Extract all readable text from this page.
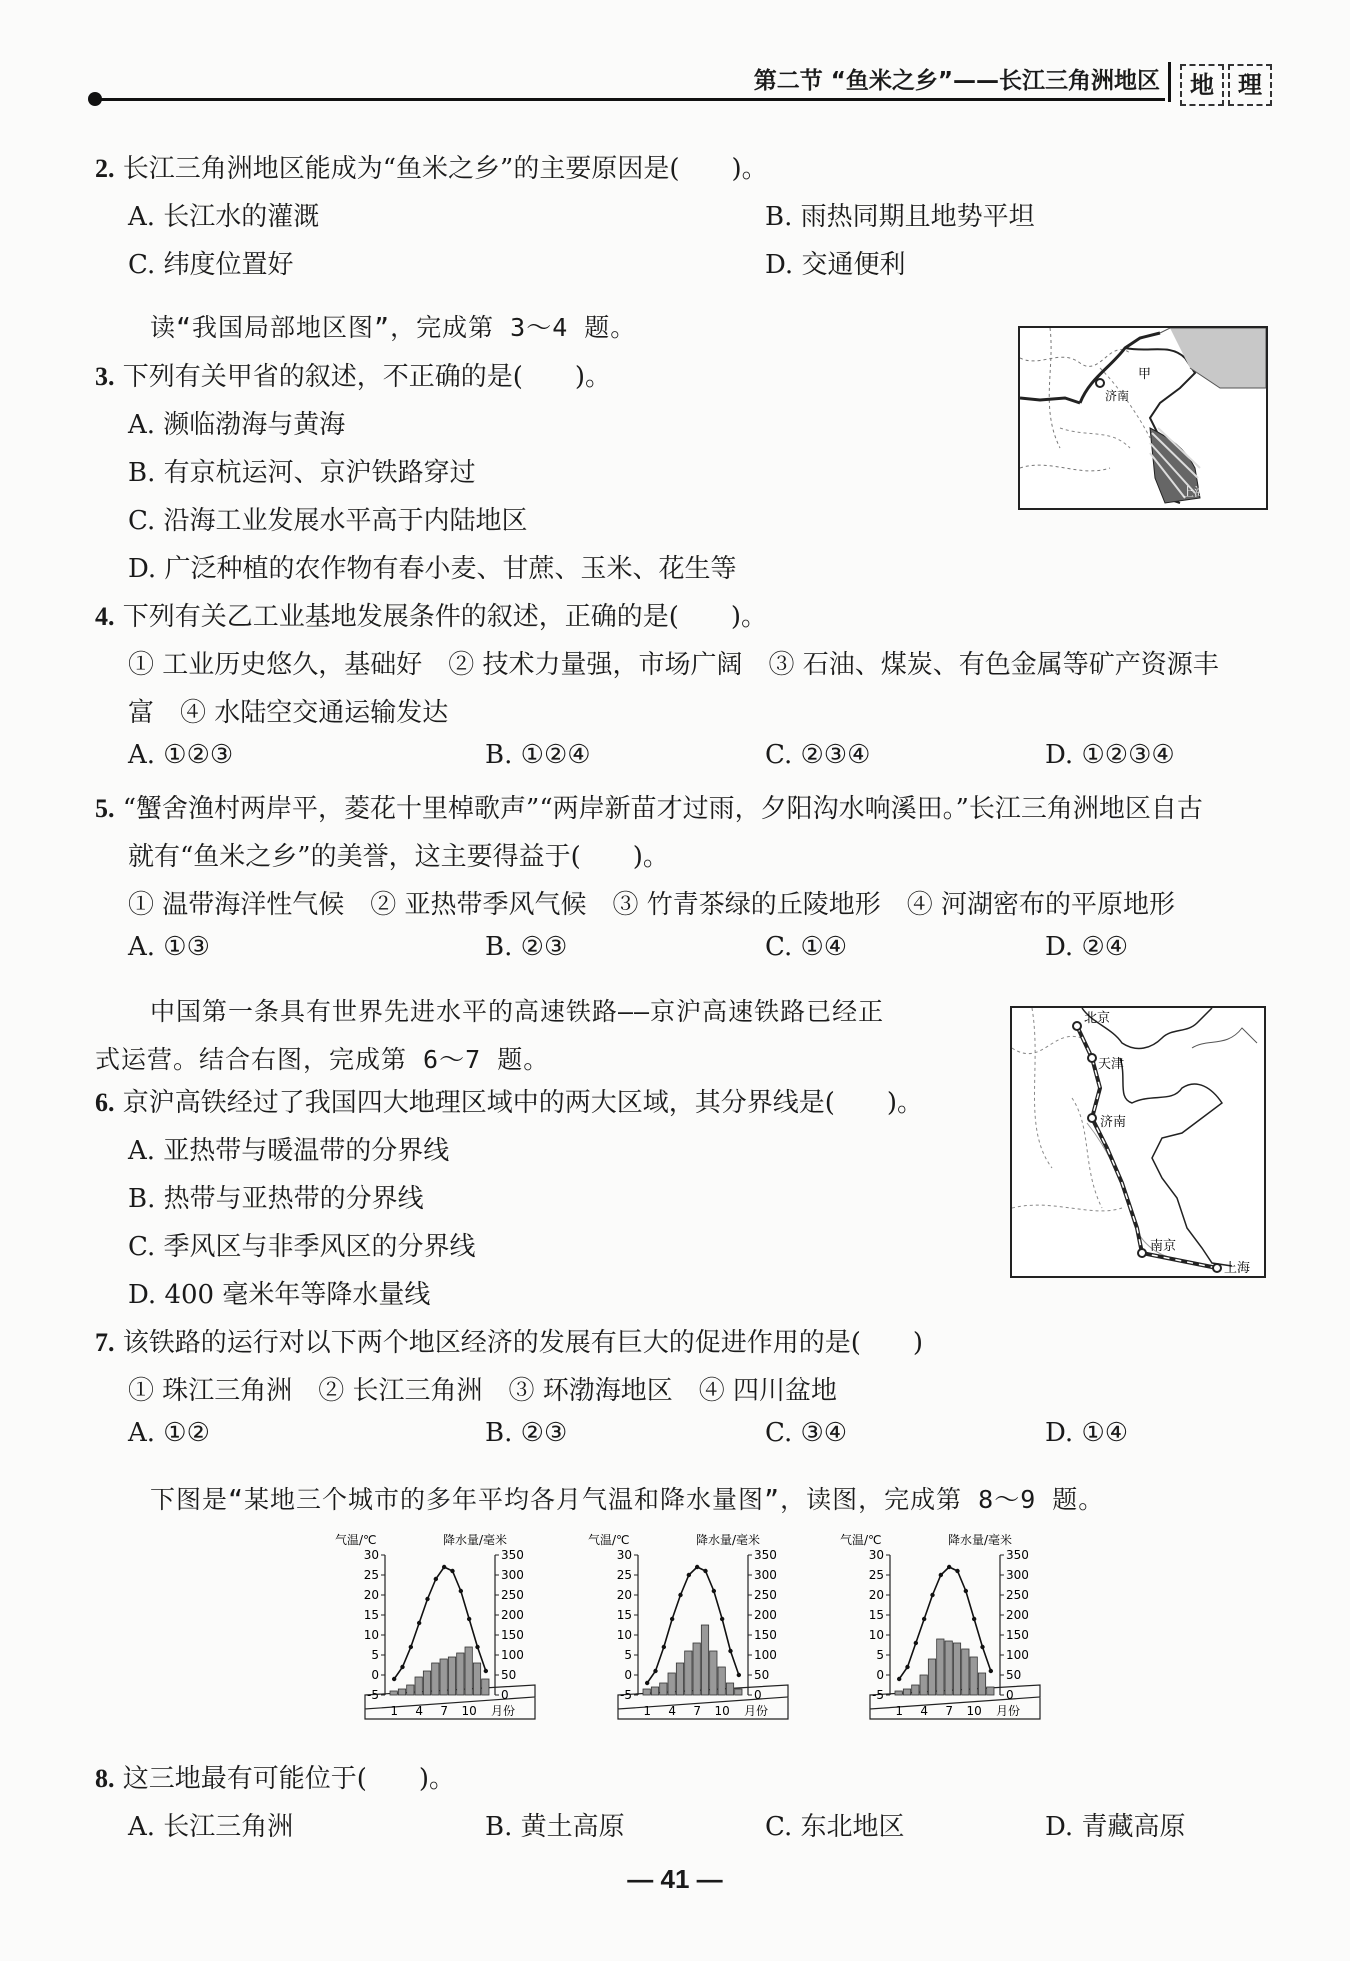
第二节 “鱼米之乡”——长江三角洲地区	地	理
2. 长江三角洲地区能成为“鱼米之乡”的主要原因是(　　)。
A. 长江水的灌溉	B. 雨热同期且地势平坦
C. 纬度位置好	D. 交通便利
读“我国局部地区图”，完成第 3～4 题。
甲
济南
上海
3. 下列有关甲省的叙述，不正确的是(　　)。
A. 濒临渤海与黄海
B. 有京杭运河、京沪铁路穿过
C. 沿海工业发展水平高于内陆地区
D. 广泛种植的农作物有春小麦、甘蔗、玉米、花生等
4. 下列有关乙工业基地发展条件的叙述，正确的是(　　)。
① 工业历史悠久，基础好　② 技术力量强，市场广阔　③ 石油、煤炭、有色金属等矿产资源丰
富　④ 水陆空交通运输发达
A. ①②③	B. ①②④	C. ②③④	D. ①②③④
5. “蟹舍渔村两岸平，菱花十里棹歌声”“两岸新苗才过雨，夕阳沟水响溪田。”长江三角洲地区自古
就有“鱼米之乡”的美誉，这主要得益于(　　)。
① 温带海洋性气候　② 亚热带季风气候　③ 竹青茶绿的丘陵地形　④ 河湖密布的平原地形
A. ①③	B. ②③	C. ①④	D. ②④
中国第一条具有世界先进水平的高速铁路——京沪高速铁路已经正
式运营。结合右图，完成第 6～7 题。
北京
天津
济南
南京
上海
6. 京沪高铁经过了我国四大地理区域中的两大区域，其分界线是(　　)。
A. 亚热带与暖温带的分界线
B. 热带与亚热带的分界线
C. 季风区与非季风区的分界线
D. 400 毫米年等降水量线
7. 该铁路的运行对以下两个地区经济的发展有巨大的促进作用的是(　　)
① 珠江三角洲　② 长江三角洲　③ 环渤海地区　④ 四川盆地
A. ①②	B. ②③	C. ③④	D. ①④
下图是“某地三个城市的多年平均各月气温和降水量图”，读图，完成第 8～9 题。
气温/℃	降水量/毫米
30
25
20
15
10
5
0
-5
350
300
250
200
150
100
50
0
1 4 7 10 月份
气温/℃	降水量/毫米
30
25
20
15
10
5
0
-5
350
300
250
200
150
100
50
0
1 4 7 10 月份
气温/℃	降水量/毫米
30
25
20
15
10
5
0
-5
350
300
250
200
150
100
50
0
1 4 7 10 月份
8. 这三地最有可能位于(　　)。
A. 长江三角洲	B. 黄土高原	C. 东北地区	D. 青藏高原
— 41 —
